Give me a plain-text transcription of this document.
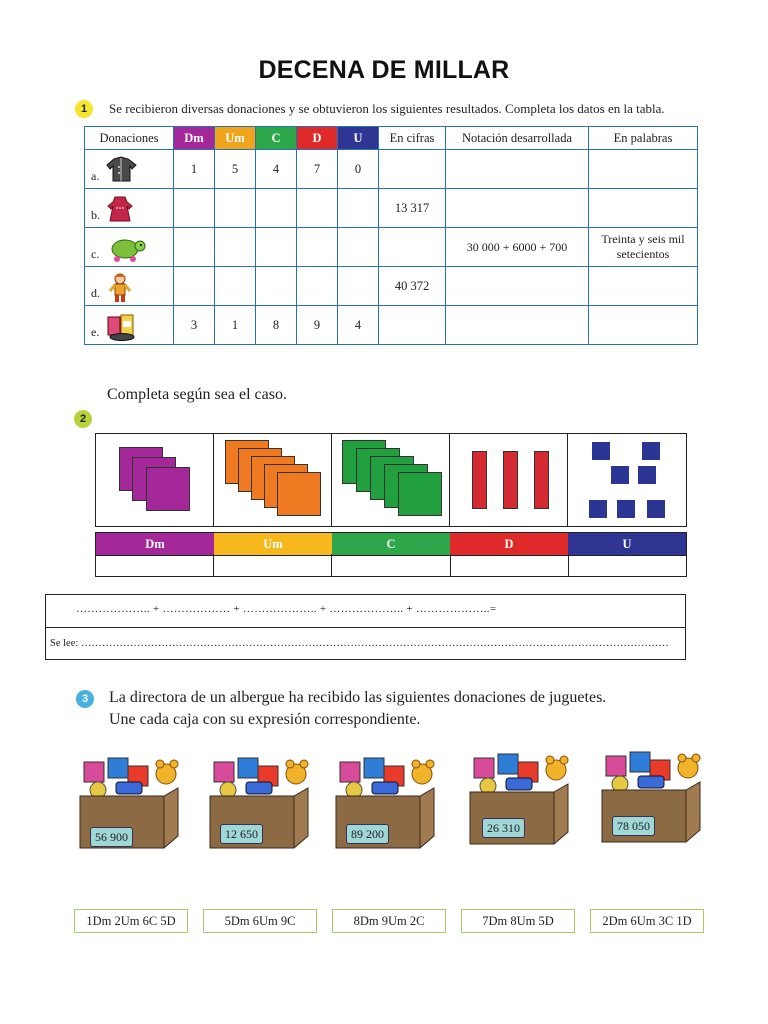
DECENA DE MILLAR
1	Se recibieron diversas donaciones y se obtuvieron los siguientes resultados. Completa los datos en la tabla.
Donaciones	Dm	Um	C	D	U	En cifras	Notación desarrollada	En palabras

a.	1	5	4	7	0			

b.						13 317		

c.							30 000 + 6000 + 700	Treinta y seis mil setecientos

d.						40 372		

e.	3	1	8	9	4			
Completa según sea el caso.
2
Dm	Um	C	D	U
……………….. + ……………… + ……………….. + ……………….. + ………………..=
Se lee: ……………………………………………………………………………………………………………………………………………………
3	La directora de un albergue ha recibido las siguientes donaciones de juguetes.
Une cada caja con su expresión correspondiente.
56 900	12 650	89 200	26 310	78 050
1Dm 2Um 6C 5D	5Dm 6Um 9C	8Dm 9Um 2C	7Dm 8Um 5D	2Dm 6Um 3C 1D
